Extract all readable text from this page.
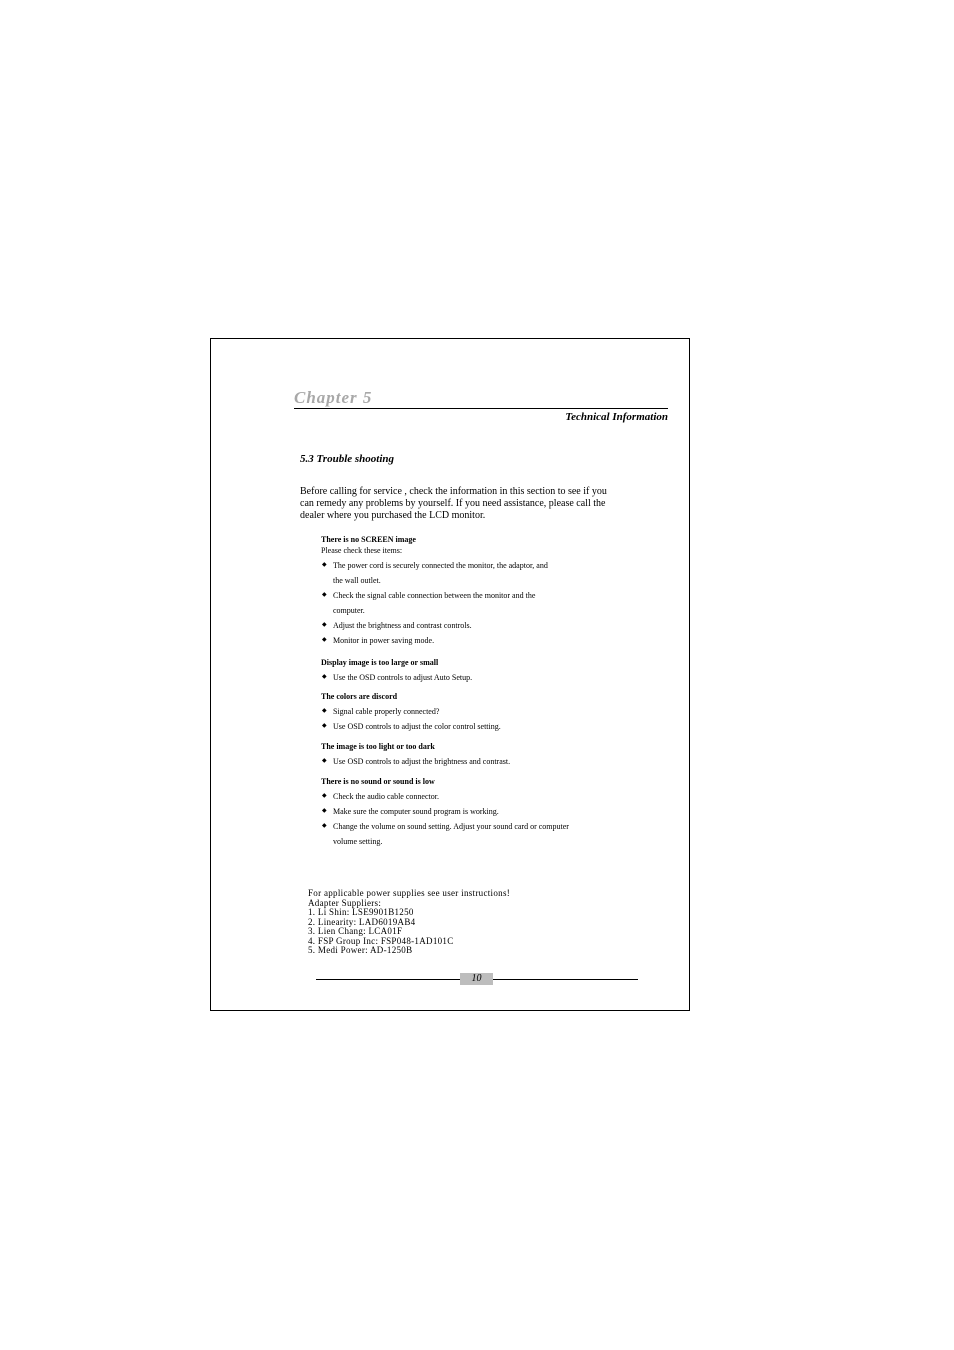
Chapter 5
Technical Information
5.3 Trouble shooting
Before calling for service , check the information in this section to see if you
can remedy any problems by yourself. If you need assistance, please call the
dealer where you purchased the LCD monitor.
There is no SCREEN image
Please check these items:
◆ The power cord is securely connected the monitor, the adaptor, and
the wall outlet.
◆ Check the signal cable connection between the monitor and the
computer.
◆ Adjust the brightness and contrast controls.
◆ Monitor in power saving mode.
Display image is too large or small
◆ Use the OSD controls to adjust Auto Setup.
The colors are discord
◆ Signal cable properly connected?
◆ Use OSD controls to adjust the color control setting.
The image is too light or too dark
◆ Use OSD controls to adjust the brightness and contrast.
There is no sound or sound is low
◆ Check the audio cable connector.
◆ Make sure the computer sound program is working.
◆ Change the volume on sound setting. Adjust your sound card or computer
volume setting.
For applicable power supplies see user instructions!
Adapter Suppliers:
1. Li Shin: LSE9901B1250
2. Linearity: LAD6019AB4
3. Lien Chang: LCA01F
4. FSP Group Inc: FSP048-1AD101C
5. Medi Power: AD-1250B
10
